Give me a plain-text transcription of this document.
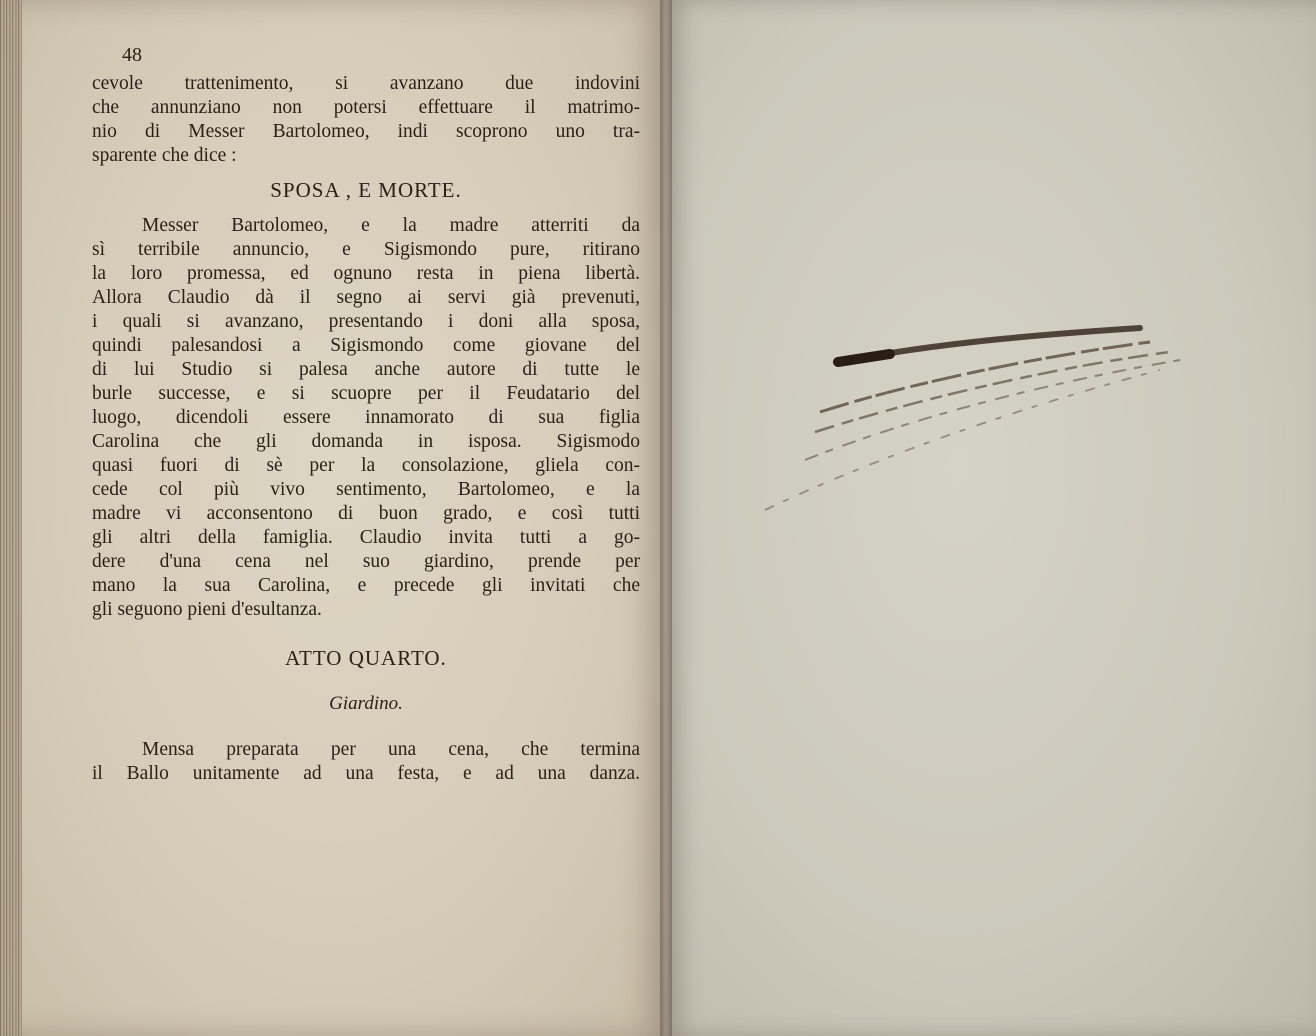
48
cevole trattenimento, si avanzano due indovini
che annunziano non potersi effettuare il matrimo-
nio di Messer Bartolomeo, indi scoprono uno tra-
sparente che dice :
SPOSA , E MORTE.
Messer Bartolomeo, e la madre atterriti da
sì terribile annuncio, e Sigismondo pure, ritirano
la loro promessa, ed ognuno resta in piena libertà.
Allora Claudio dà il segno ai servi già prevenuti,
i quali si avanzano, presentando i doni alla sposa,
quindi palesandosi a Sigismondo come giovane del
di lui Studio si palesa anche autore di tutte le
burle successe, e si scuopre per il Feudatario del
luogo, dicendoli essere innamorato di sua figlia
Carolina che gli domanda in isposa. Sigismodo
quasi fuori di sè per la consolazione, gliela con-
cede col più vivo sentimento, Bartolomeo, e la
madre vi acconsentono di buon grado, e così tutti
gli altri della famiglia. Claudio invita tutti a go-
dere d'una cena nel suo giardino, prende per
mano la sua Carolina, e precede gli invitati che
gli seguono pieni d'esultanza.
ATTO QUARTO.
Giardino.
Mensa preparata per una cena, che termina
il Ballo unitamente ad una festa, e ad una danza.
